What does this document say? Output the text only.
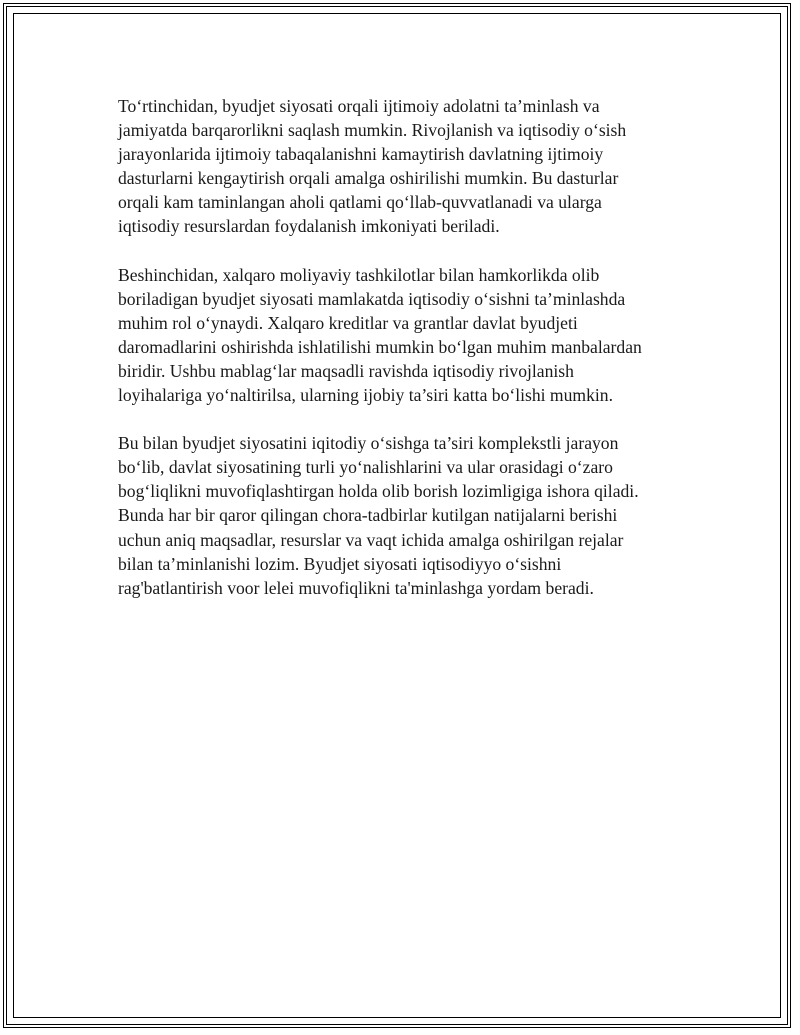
To‘rtinchidan, byudjet siyosati orqali ijtimoiy adolatni ta’minlash va
jamiyatda barqarorlikni saqlash mumkin. Rivojlanish va iqtisodiy o‘sish
jarayonlarida ijtimoiy tabaqalanishni kamaytirish davlatning ijtimoiy
dasturlarni kengaytirish orqali amalga oshirilishi mumkin. Bu dasturlar
orqali kam taminlangan aholi qatlami qo‘llab-quvvatlanadi va ularga
iqtisodiy resurslardan foydalanish imkoniyati beriladi.

Beshinchidan, xalqaro moliyaviy tashkilotlar bilan hamkorlikda olib
boriladigan byudjet siyosati mamlakatda iqtisodiy o‘sishni ta’minlashda
muhim rol o‘ynaydi. Xalqaro kreditlar va grantlar davlat byudjeti
daromadlarini oshirishda ishlatilishi mumkin bo‘lgan muhim manbalardan
biridir. Ushbu mablag‘lar maqsadli ravishda iqtisodiy rivojlanish
loyihalariga yo‘naltirilsa, ularning ijobiy ta’siri katta bo‘lishi mumkin.

Bu bilan byudjet siyosatini iqitodiy o‘sishga ta’siri komplekstli jarayon
bo‘lib, davlat siyosatining turli yo‘nalishlarini va ular orasidagi o‘zaro
bog‘liqlikni muvofiqlashtirgan holda olib borish lozimligiga ishora qiladi.
Bunda har bir qaror qilingan chora-tadbirlar kutilgan natijalarni berishi
uchun aniq maqsadlar, resurslar va vaqt ichida amalga oshirilgan rejalar
bilan ta’minlanishi lozim. Byudjet siyosati iqtisodiyyo o‘sishni
rag'batlantirish voor lelei muvofiqlikni ta'minlashga yordam beradi.
